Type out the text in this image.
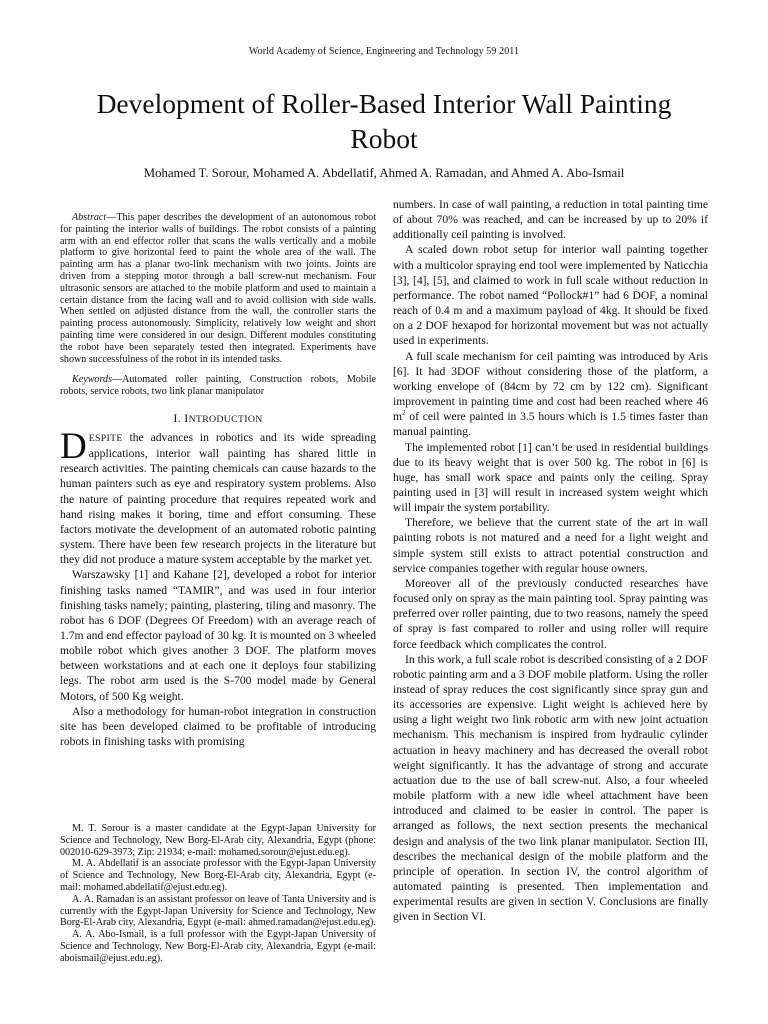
World Academy of Science, Engineering and Technology 59 2011
Development of Roller-Based Interior Wall Painting Robot
Mohamed T. Sorour, Mohamed A. Abdellatif, Ahmed A. Ramadan, and Ahmed A. Abo-Ismail

Abstract—This paper describes the development of an autonomous robot for painting the interior walls of buildings. The robot consists of a painting arm with an end effector roller that scans the walls vertically and a mobile platform to give horizontal feed to paint the whole area of the wall. The painting arm has a planar two-link mechanism with two joints. Joints are driven from a stepping motor through a ball screw-nut mechanism. Four ultrasonic sensors are attached to the mobile platform and used to maintain a certain distance from the facing wall and to avoid collision with side walls. When settled on adjusted distance from the wall, the controller starts the painting process autonomously. Simplicity, relatively low weight and short painting time were considered in our design. Different modules constituting the robot have been separately tested then integrated. Experiments have shown successfulness of the robot in its intended tasks.

Keywords—Automated roller painting, Construction robots, Mobile robots, service robots, two link planar manipulator

I. INTRODUCTION

DESPITE the advances in robotics and its wide spreading applications, interior wall painting has shared little in research activities. The painting chemicals can cause hazards to the human painters such as eye and respiratory system problems. Also the nature of painting procedure that requires repeated work and hand rising makes it boring, time and effort consuming. These factors motivate the development of an automated robotic painting system. There have been few research projects in the literature but they did not produce a mature system acceptable by the market yet.

Warszawsky [1] and Kahane [2], developed a robot for interior finishing tasks named “TAMIR”, and was used in four interior finishing tasks namely; painting, plastering, tiling and masonry. The robot has 6 DOF (Degrees Of Freedom) with an average reach of 1.7m and end effector payload of 30 kg. It is mounted on 3 wheeled mobile robot which gives another 3 DOF. The platform moves between workstations and at each one it deploys four stabilizing legs. The robot arm used is the S-700 model made by General Motors, of 500 Kg weight.

Also a methodology for human-robot integration in construction site has been developed claimed to be profitable of introducing robots in finishing tasks with promising

M. T. Sorour is a master candidate at the Egypt-Japan University for Science and Technology, New Borg-El-Arab city, Alexandria, Egypt (phone: 002010-629-3973; Zip: 21934; e-mail: mohamed.sorour@ejust.edu.eg).

M. A. Abdellatif is an associate professor with the Egypt-Japan University of Science and Technology, New Borg-El-Arab city, Alexandria, Egypt (e-mail: mohamed.abdellatif@ejust.edu.eg).

A. A. Ramadan is an assistant professor on leave of Tanta University and is currently with the Egypt-Japan University for Science and Technology, New Borg-El-Arab city, Alexandria, Egypt (e-mail: ahmed.ramadan@ejust.edu.eg).

A. A. Abo-Ismail, is a full professor with the Egypt-Japan University of Science and Technology, New Borg-El-Arab city, Alexandria, Egypt (e-mail: aboismail@ejust.edu.eg).

numbers. In case of wall painting, a reduction in total painting time of about 70% was reached, and can be increased by up to 20% if additionally ceil painting is involved.

A scaled down robot setup for interior wall painting together with a multicolor spraying end tool were implemented by Naticchia [3], [4], [5], and claimed to work in full scale without reduction in performance. The robot named “Pollock#1” had 6 DOF, a nominal reach of 0.4 m and a maximum payload of 4kg. It should be fixed on a 2 DOF hexapod for horizontal movement but was not actually used in experiments.

A full scale mechanism for ceil painting was introduced by Aris [6]. It had 3DOF without considering those of the platform, a working envelope of (84cm by 72 cm by 122 cm). Significant improvement in painting time and cost had been reached where 46 $m^2$ of ceil were painted in 3.5 hours which is 1.5 times faster than manual painting.

The implemented robot [1] can’t be used in residential buildings due to its heavy weight that is over 500 kg. The robot in [6] is huge, has small work space and paints only the ceiling. Spray painting used in [3] will result in increased system weight which will impair the system portability.

Therefore, we believe that the current state of the art in wall painting robots is not matured and a need for a light weight and simple system still exists to attract potential construction and service companies together with regular house owners.

Moreover all of the previously conducted researches have focused only on spray as the main painting tool. Spray painting was preferred over roller painting, due to two reasons, namely the speed of spray is fast compared to roller and using roller will require force feedback which complicates the control.

In this work, a full scale robot is described consisting of a 2 DOF robotic painting arm and a 3 DOF mobile platform. Using the roller instead of spray reduces the cost significantly since spray gun and its accessories are expensive. Light weight is achieved here by using a light weight two link robotic arm with new joint actuation mechanism. This mechanism is inspired from hydraulic cylinder actuation in heavy machinery and has decreased the overall robot weight significantly. It has the advantage of strong and accurate actuation due to the use of ball screw-nut. Also, a four wheeled mobile platform with a new idle wheel attachment have been introduced and claimed to be easier in control. The paper is arranged as follows, the next section presents the mechanical design and analysis of the two link planar manipulator. Section III, describes the mechanical design of the mobile platform and the principle of operation. In section IV, the control algorithm of automated painting is presented. Then implementation and experimental results are given in section V. Conclusions are finally given in Section VI.
